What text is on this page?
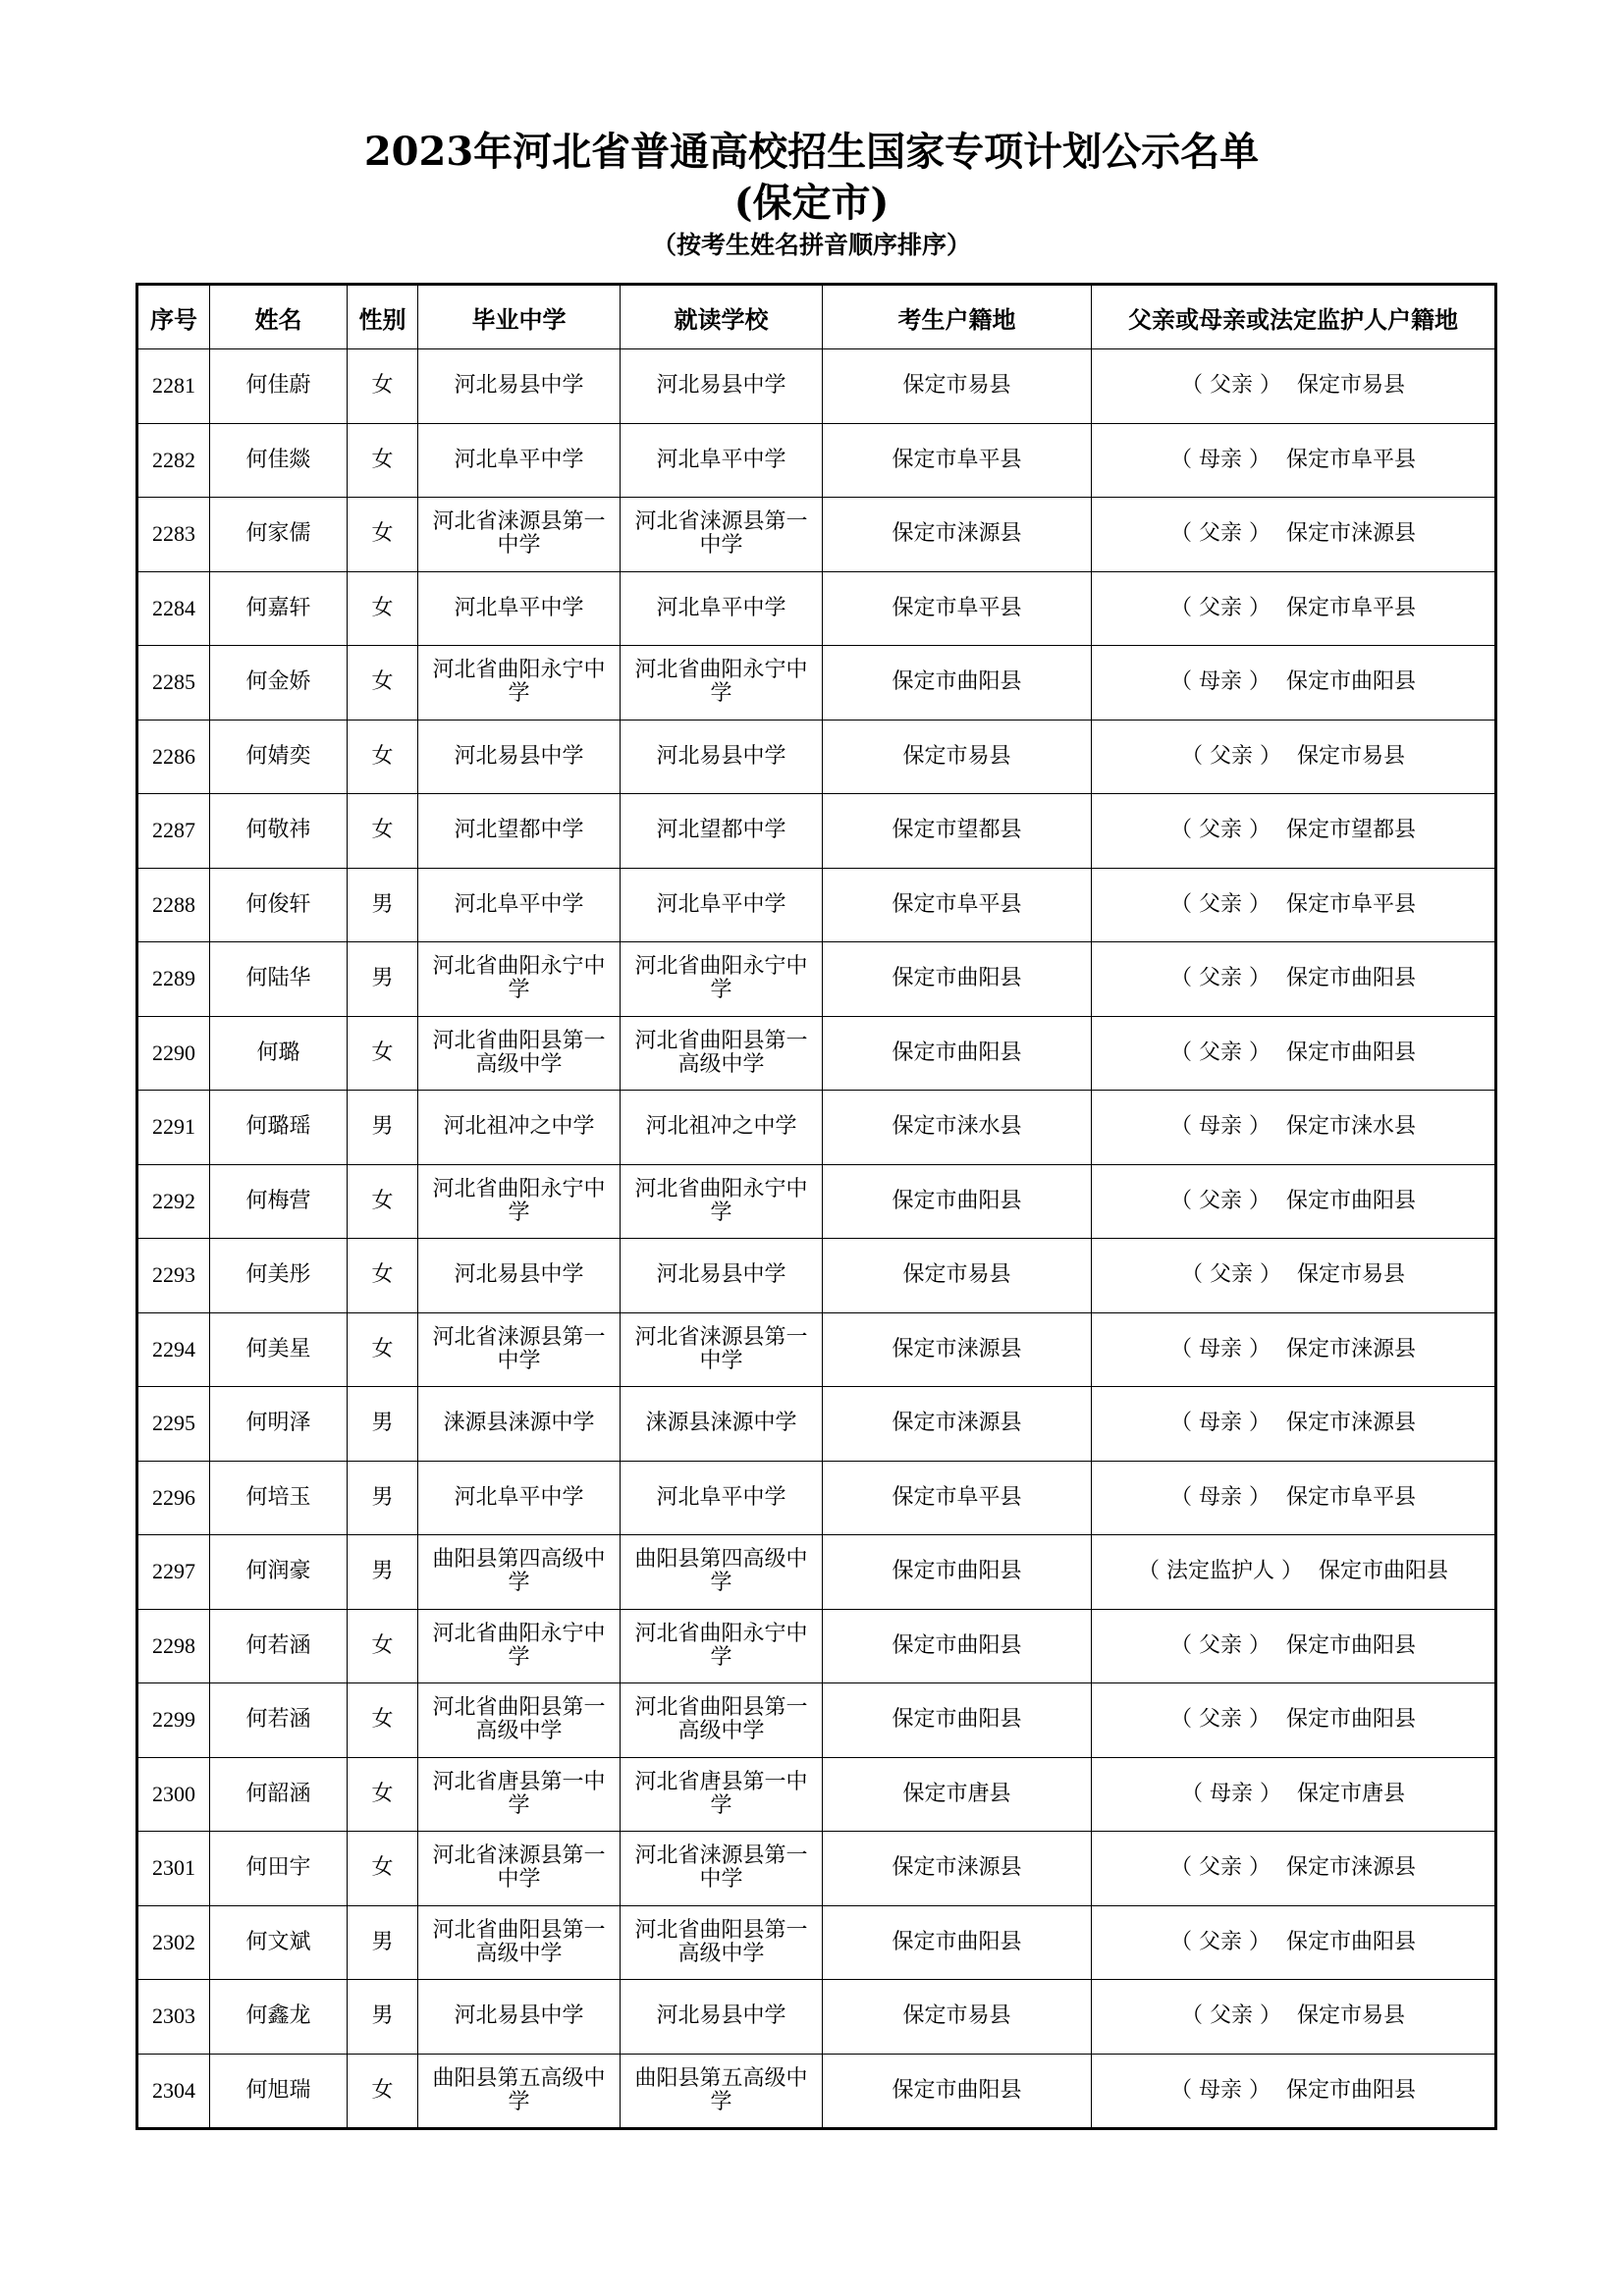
2023年河北省普通高校招生国家专项计划公示名单
(保定市)
（按考生姓名拼音顺序排序）
序号	姓名	性别	毕业中学	就读学校	考生户籍地	父亲或母亲或法定监护人户籍地
2281	何佳蔚	女	河北易县中学	河北易县中学	保定市易县	（ 父亲 ） 保定市易县
2282	何佳燚	女	河北阜平中学	河北阜平中学	保定市阜平县	（ 母亲 ） 保定市阜平县
2283	何家儒	女	河北省涞源县第一中学	河北省涞源县第一中学	保定市涞源县	（ 父亲 ） 保定市涞源县
2284	何嘉轩	女	河北阜平中学	河北阜平中学	保定市阜平县	（ 父亲 ） 保定市阜平县
2285	何金娇	女	河北省曲阳永宁中学	河北省曲阳永宁中学	保定市曲阳县	（ 母亲 ） 保定市曲阳县
2286	何婧奕	女	河北易县中学	河北易县中学	保定市易县	（ 父亲 ） 保定市易县
2287	何敬祎	女	河北望都中学	河北望都中学	保定市望都县	（ 父亲 ） 保定市望都县
2288	何俊轩	男	河北阜平中学	河北阜平中学	保定市阜平县	（ 父亲 ） 保定市阜平县
2289	何陆华	男	河北省曲阳永宁中学	河北省曲阳永宁中学	保定市曲阳县	（ 父亲 ） 保定市曲阳县
2290	何璐	女	河北省曲阳县第一高级中学	河北省曲阳县第一高级中学	保定市曲阳县	（ 父亲 ） 保定市曲阳县
2291	何璐瑶	男	河北祖冲之中学	河北祖冲之中学	保定市涞水县	（ 母亲 ） 保定市涞水县
2292	何梅营	女	河北省曲阳永宁中学	河北省曲阳永宁中学	保定市曲阳县	（ 父亲 ） 保定市曲阳县
2293	何美彤	女	河北易县中学	河北易县中学	保定市易县	（ 父亲 ） 保定市易县
2294	何美星	女	河北省涞源县第一中学	河北省涞源县第一中学	保定市涞源县	（ 母亲 ） 保定市涞源县
2295	何明泽	男	涞源县涞源中学	涞源县涞源中学	保定市涞源县	（ 母亲 ） 保定市涞源县
2296	何培玉	男	河北阜平中学	河北阜平中学	保定市阜平县	（ 母亲 ） 保定市阜平县
2297	何润豪	男	曲阳县第四高级中学	曲阳县第四高级中学	保定市曲阳县	（ 法定监护人 ） 保定市曲阳县
2298	何若涵	女	河北省曲阳永宁中学	河北省曲阳永宁中学	保定市曲阳县	（ 父亲 ） 保定市曲阳县
2299	何若涵	女	河北省曲阳县第一高级中学	河北省曲阳县第一高级中学	保定市曲阳县	（ 父亲 ） 保定市曲阳县
2300	何韶涵	女	河北省唐县第一中学	河北省唐县第一中学	保定市唐县	（ 母亲 ） 保定市唐县
2301	何田宇	女	河北省涞源县第一中学	河北省涞源县第一中学	保定市涞源县	（ 父亲 ） 保定市涞源县
2302	何文斌	男	河北省曲阳县第一高级中学	河北省曲阳县第一高级中学	保定市曲阳县	（ 父亲 ） 保定市曲阳县
2303	何鑫龙	男	河北易县中学	河北易县中学	保定市易县	（ 父亲 ） 保定市易县
2304	何旭瑞	女	曲阳县第五高级中学	曲阳县第五高级中学	保定市曲阳县	（ 母亲 ） 保定市曲阳县
